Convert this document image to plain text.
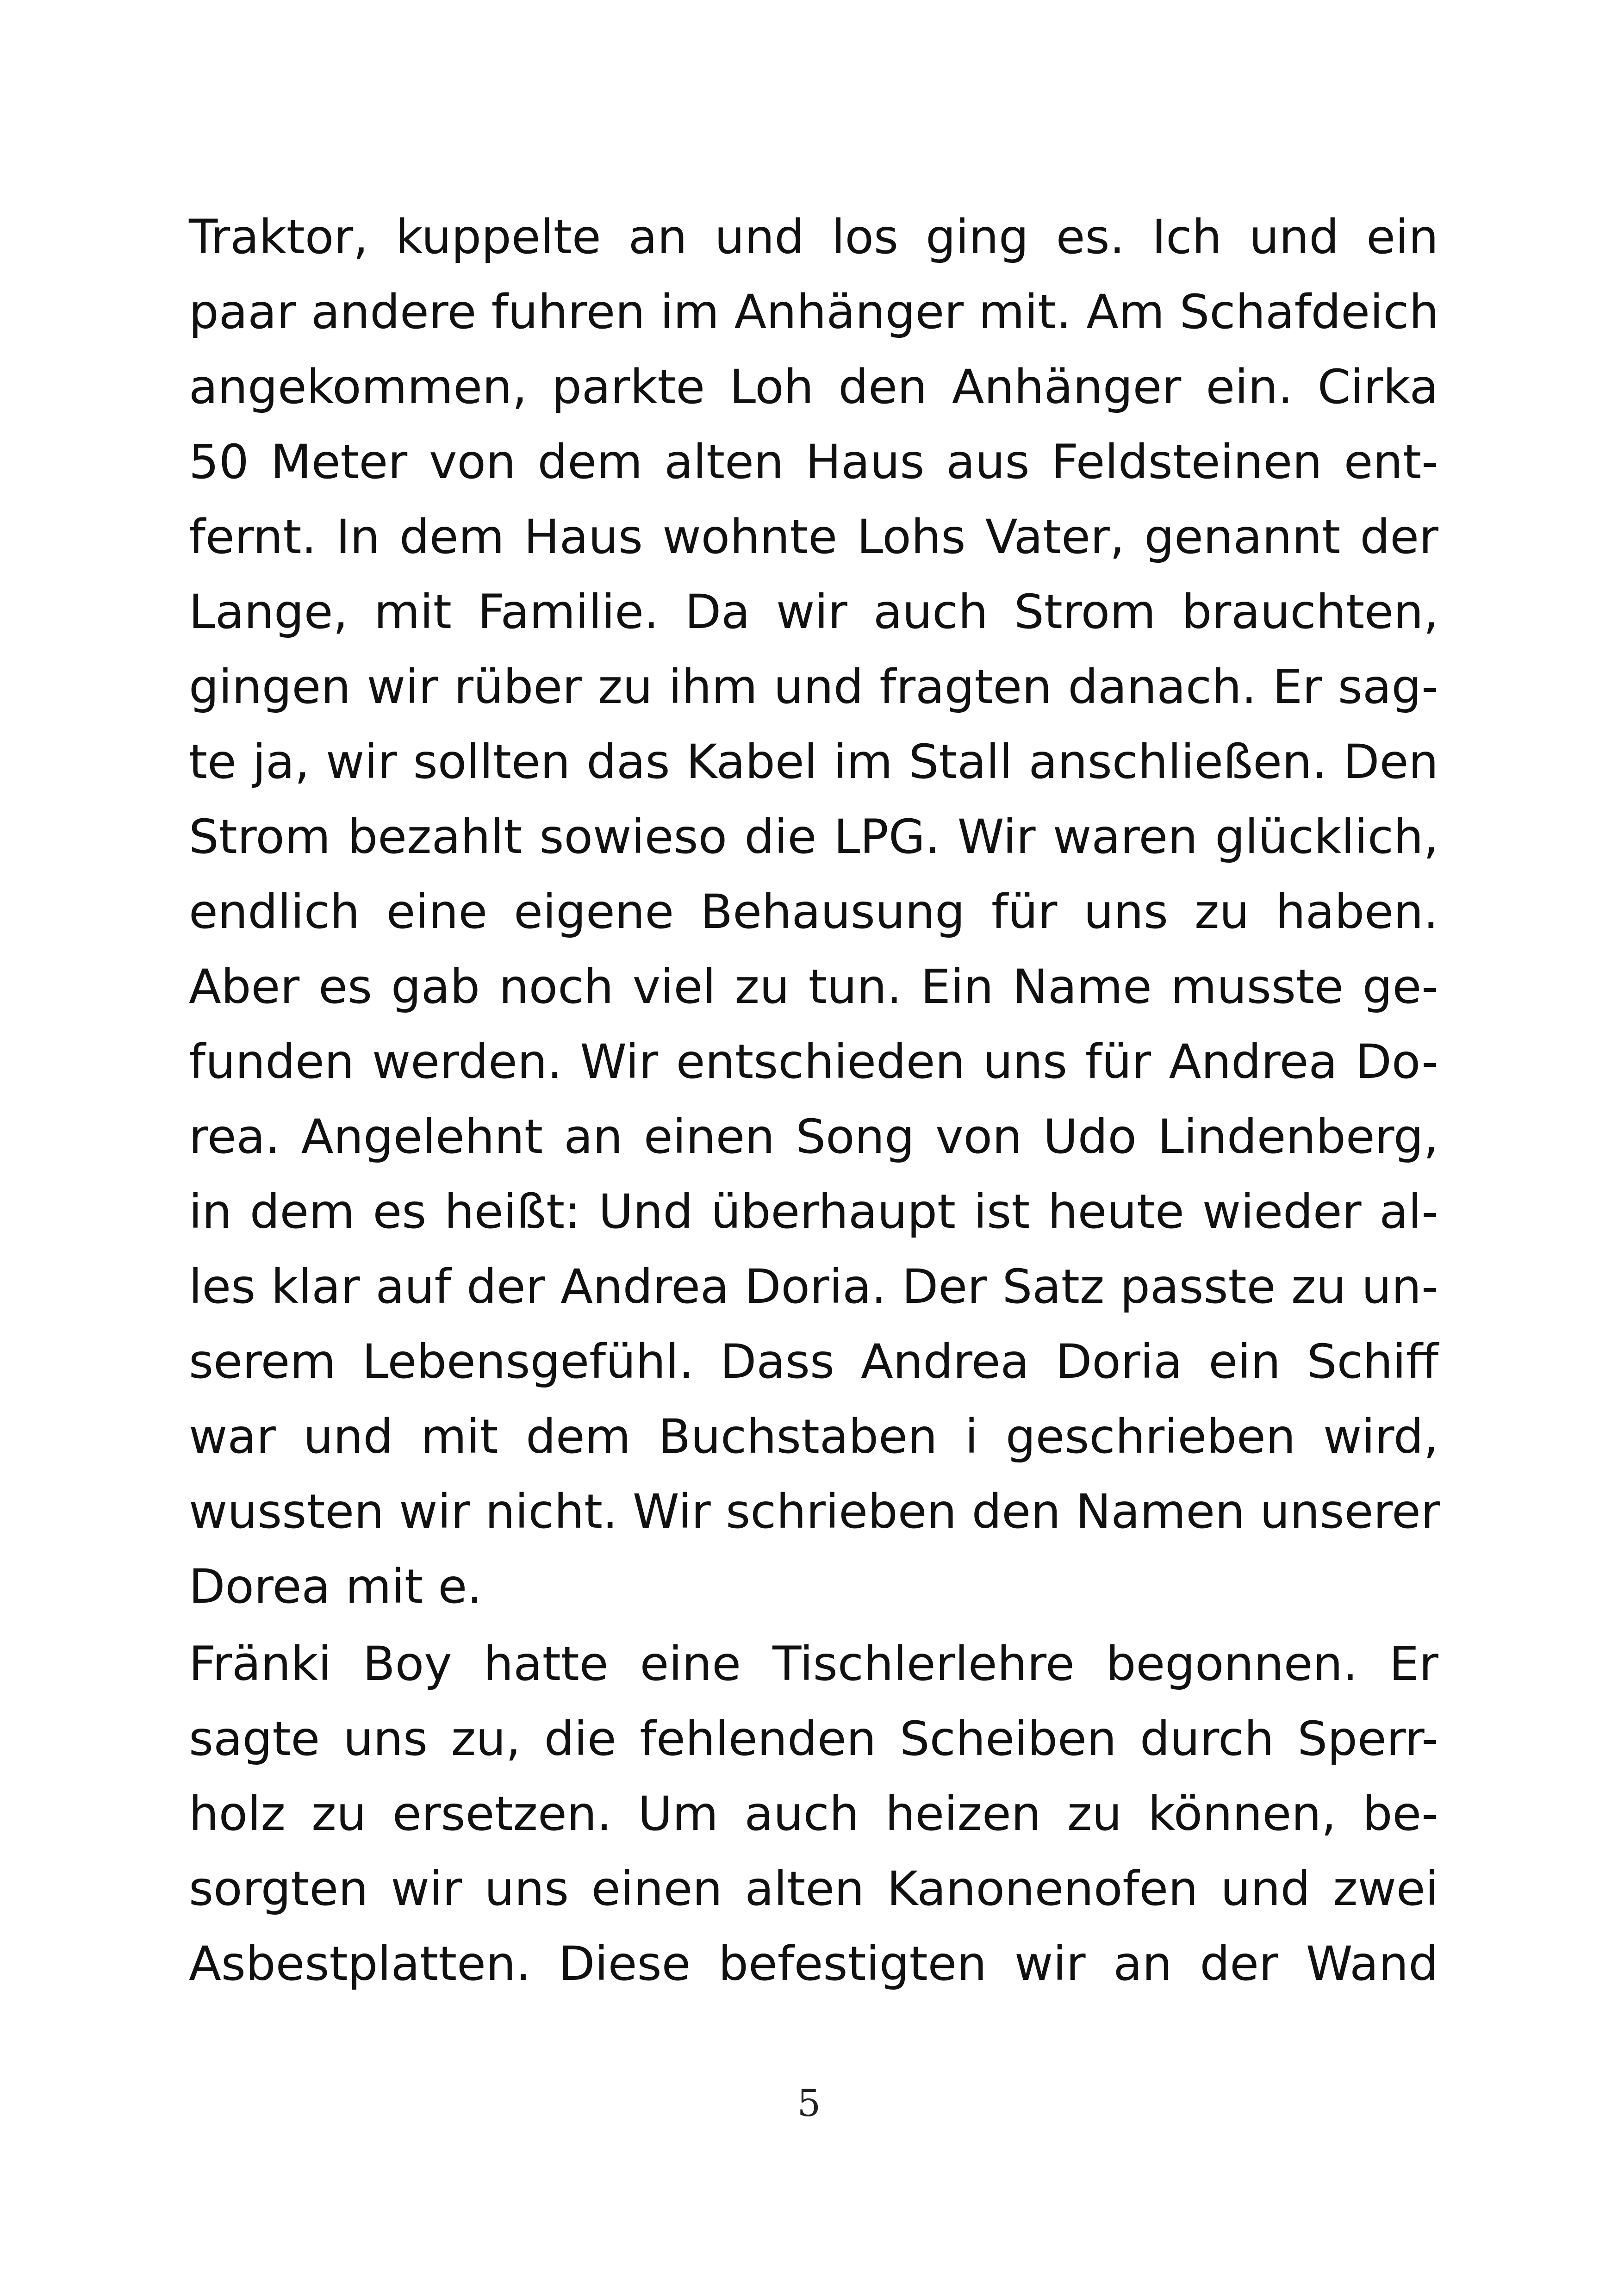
Traktor, kuppelte an und los ging es. Ich und ein
paar andere fuhren im Anhänger mit. Am Schafdeich
angekommen, parkte Loh den Anhänger ein. Cirka
50 Meter von dem alten Haus aus Feldsteinen ent-
fernt. In dem Haus wohnte Lohs Vater, genannt der
Lange, mit Familie. Da wir auch Strom brauchten,
gingen wir rüber zu ihm und fragten danach. Er sag-
te ja, wir sollten das Kabel im Stall anschließen. Den
Strom bezahlt sowieso die LPG. Wir waren glücklich,
endlich eine eigene Behausung für uns zu haben.
Aber es gab noch viel zu tun. Ein Name musste ge-
funden werden. Wir entschieden uns für Andrea Do-
rea. Angelehnt an einen Song von Udo Lindenberg,
in dem es heißt: Und überhaupt ist heute wieder al-
les klar auf der Andrea Doria. Der Satz passte zu un-
serem Lebensgefühl. Dass Andrea Doria ein Schiff
war und mit dem Buchstaben i geschrieben wird,
wussten wir nicht. Wir schrieben den Namen unserer
Dorea mit e.
Fränki Boy hatte eine Tischlerlehre begonnen. Er
sagte uns zu, die fehlenden Scheiben durch Sperr-
holz zu ersetzen. Um auch heizen zu können, be-
sorgten wir uns einen alten Kanonenofen und zwei
Asbestplatten. Diese befestigten wir an der Wand
5
